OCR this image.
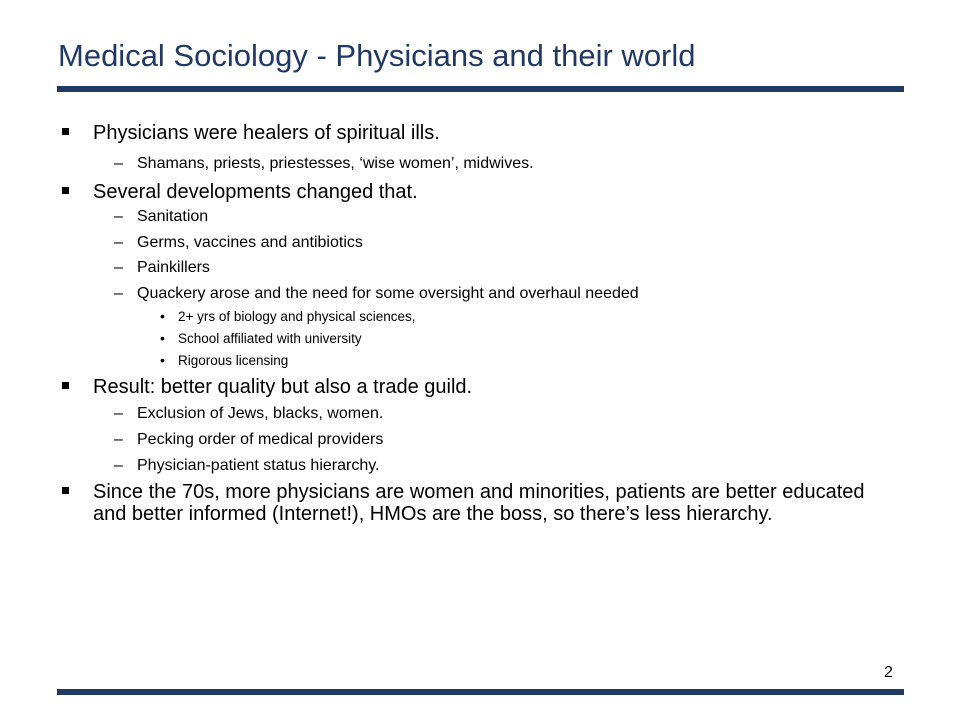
Medical Sociology - Physicians and their world
Physicians were healers of spiritual ills.
– Shamans, priests, priestesses, ‘wise women’, midwives.
Several developments changed that.
– Sanitation
– Germs, vaccines and antibiotics
– Painkillers
– Quackery arose and the need for some oversight and overhaul needed
• 2+ yrs of biology and physical sciences,
• School affiliated with university
• Rigorous licensing
Result: better quality but also a trade guild.
– Exclusion of Jews, blacks, women.
– Pecking order of medical providers
– Physician-patient status hierarchy.
Since the 70s, more physicians are women and minorities, patients are better educated and better informed (Internet!), HMOs are the boss, so there’s less hierarchy.
2
